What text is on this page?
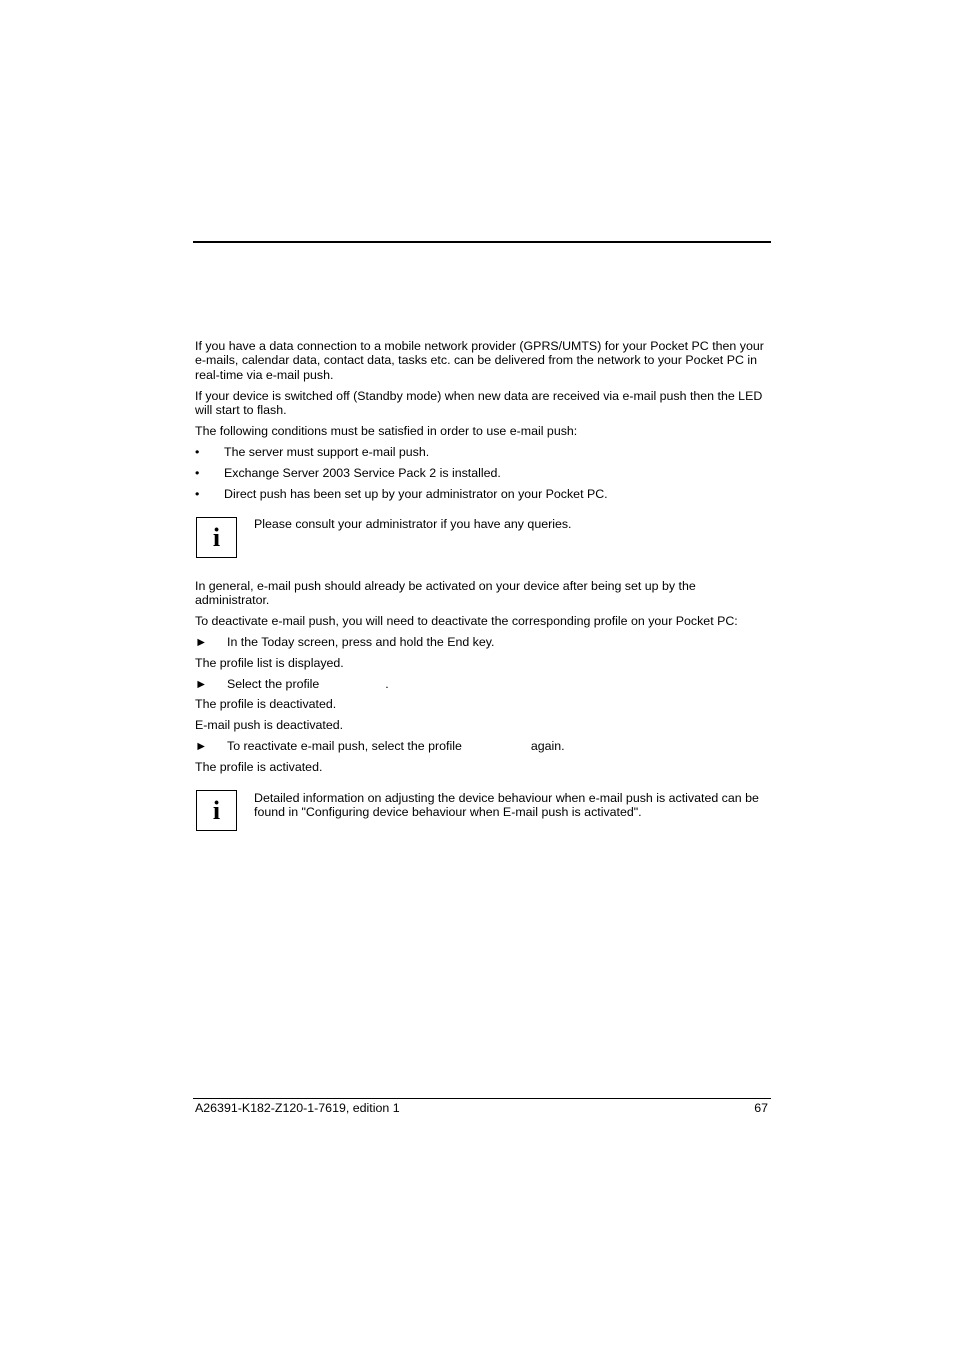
If you have a data connection to a mobile network provider (GPRS/UMTS) for your Pocket PC then your e-mails, calendar data, contact data, tasks etc. can be delivered from the network to your Pocket PC in real-time via e-mail push.

If your device is switched off (Standby mode) when new data are received via e-mail push then the LED will start to flash.

The following conditions must be satisfied in order to use e-mail push:

•	The server must support e-mail push.
•	Exchange Server 2003 Service Pack 2 is installed.
•	Direct push has been set up by your administrator on your Pocket PC.
i	Please consult your administrator if you have any queries.

In general, e-mail push should already be activated on your device after being set up by the administrator.

To deactivate e-mail push, you will need to deactivate the corresponding profile on your Pocket PC:

►	In the Today screen, press and hold the End key.

The profile list is displayed.

►	Select the profile	.

The profile is deactivated.

E-mail push is deactivated.

►	To reactivate e-mail push, select the profile	again.

The profile is activated.

i	Detailed information on adjusting the device behaviour when e-mail push is activated can be found in "Configuring device behaviour when E-mail push is activated".

A26391-K182-Z120-1-7619, edition 1	67
